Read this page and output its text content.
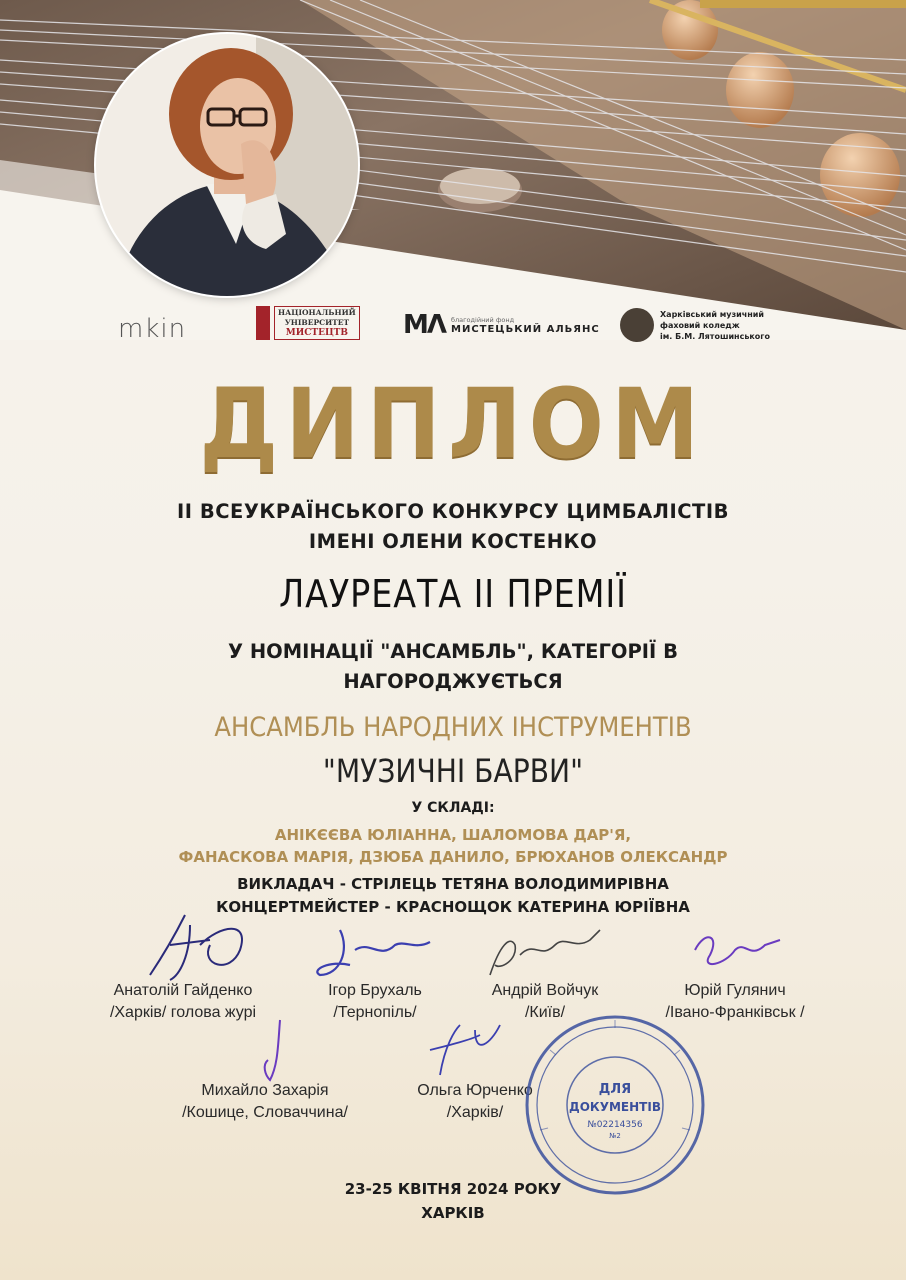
mkin
НАЦІОНАЛЬНИЙ
УНІВЕРСИТЕТ
МИСТЕЦТВ MΛ благодійний фонд
МИСТЕЦЬКИЙ АЛЬЯНС
Харківський музичний
фаховий коледж
ім. Б.М. Лятошинського
ДИПЛОМ
ІІ ВСЕУКРАЇНСЬКОГО КОНКУРСУ ЦИМБАЛІСТІВ
ІМЕНІ ОЛЕНИ КОСТЕНКО
ЛАУРЕАТА ІІ ПРЕМІЇ
У НОМІНАЦІЇ "АНСАМБЛЬ", КАТЕГОРІЇ В
НАГОРОДЖУЄТЬСЯ
АНСАМБЛЬ НАРОДНИХ ІНСТРУМЕНТІВ
"МУЗИЧНІ БАРВИ"
У СКЛАДІ:
АНІКЄЄВА ЮЛІАННА, ШАЛОМОВА ДАР'Я,
ФАНАСКОВА МАРІЯ, ДЗЮБА ДАНИЛО, БРЮХАНОВ ОЛЕКСАНДР
ВИКЛАДАЧ - СТРІЛЕЦЬ ТЕТЯНА ВОЛОДИМИРІВНА
КОНЦЕРТМЕЙСТЕР - КРАСНОЩОК КАТЕРИНА ЮРІЇВНА
Анатолій Гайденко
/Харків/ голова журі
Ігор Брухаль
/Тернопіль/
Андрій Войчук
/Київ/
Юрій Гулянич
/Івано-Франківськ /
Михайло Захарія
/Кошице, Словаччина/
Ольга Юрченко
/Харків/
ДЛЯ
ДОКУМЕНТІВ
№02214356
№2
23-25 КВІТНЯ 2024 РОКУ
ХАРКІВ
